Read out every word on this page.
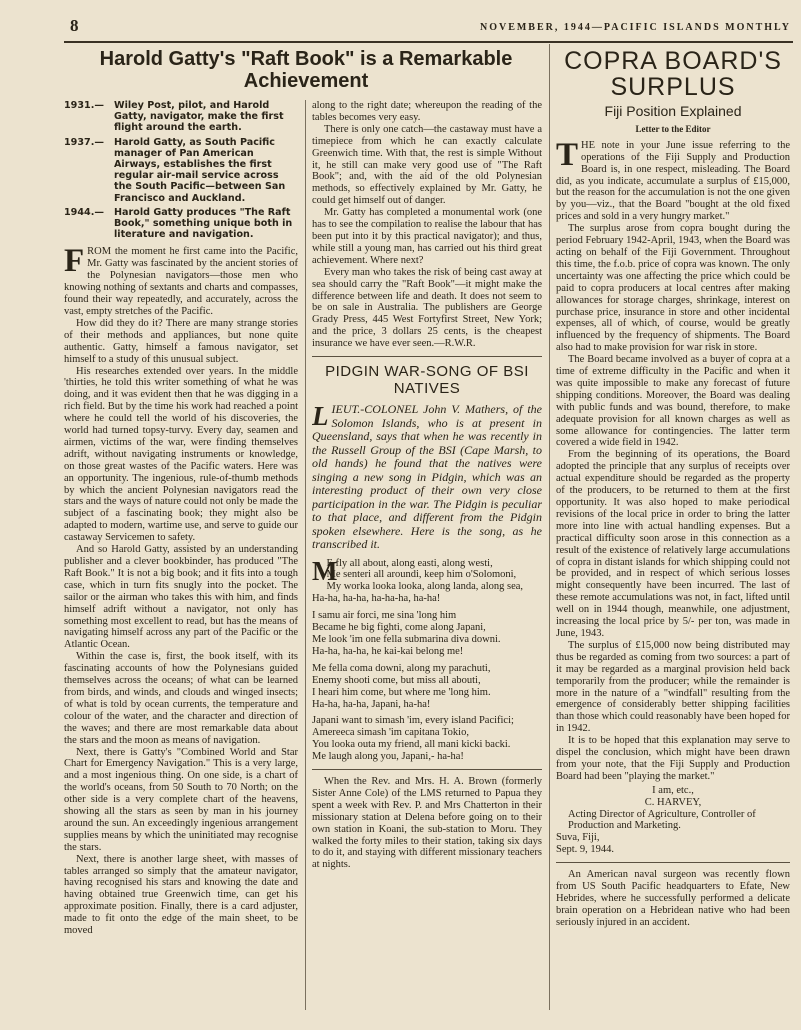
8	NOVEMBER, 1944—PACIFIC ISLANDS MONTHLY
Harold Gatty's "Raft Book" is a Remarkable Achievement
1931.—	Wiley Post, pilot, and Harold Gatty, navigator, make the first flight around the earth.
1937.—	Harold Gatty, as South Pacific manager of Pan American Airways, establishes the first regular air-mail service across the South Pacific—between San Francisco and Auckland.
1944.—	Harold Gatty produces "The Raft Book," something unique both in literature and navigation.
FROM the moment he first came into the Pacific, Mr. Gatty was fascinated by the ancient stories of the Polynesian navigators—those men who knowing nothing of sextants and charts and compasses, found their way repeatedly, and accurately, across the vast, empty stretches of the Pacific.

How did they do it? There are many strange stories of their methods and appliances, but none quite authentic. Gatty, himself a famous navigator, set himself to a study of this unusual subject.

His researches extended over years. In the middle 'thirties, he told this writer something of what he was doing, and it was evident then that he was digging in a rich field. But by the time his work had reached a point where he could tell the world of his discoveries, the world had turned topsy-turvy. Every day, seamen and airmen, victims of the war, were finding themselves adrift, without navigating instruments or knowledge, on those great wastes of the Pacific waters. Here was an opportunity. The ingenious, rule-of-thumb methods by which the ancient Polynesian navigators read the stars and the ways of nature could not only be made the subject of a fascinating book; they might also be adapted to modern, wartime use, and serve to guide our castaway Servicemen to safety.

And so Harold Gatty, assisted by an understanding publisher and a clever bookbinder, has produced "The Raft Book." It is not a big book; and it fits into a tough case, which in turn fits snugly into the pocket. The sailor or the airman who takes this with him, and finds himself adrift without a navigator, not only has something most excellent to read, but has the means of navigating himself across any part of the Pacific or the Atlantic Ocean.

Within the case is, first, the book itself, with its fascinating accounts of how the Polynesians guided themselves across the oceans; of what can be learned from birds, and winds, and clouds and winged insects; of what is told by ocean currents, the temperature and colour of the water, and the character and direction of the waves; and there are most remarkable data about the stars and the moon as means of navigation.

Next, there is Gatty's "Combined World and Star Chart for Emergency Navigation." This is a very large, and a most ingenious thing. On one side, is a chart of the world's oceans, from 50 South to 70 North; on the other side is a very complete chart of the heavens, showing all the stars as seen by man in his journey around the sun. An exceedingly ingenious arrangement supplies means by which the uninitiated may recognise the stars.

Next, there is another large sheet, with masses of tables arranged so simply that the amateur navigator, having recognised his stars and knowing the date and having obtained true Greenwich time, can get his approximate position. Finally, there is a card adjuster, made to fit onto the edge of the main sheet, to be moved

along to the right date; whereupon the reading of the tables becomes very easy.

There is only one catch—the castaway must have a timepiece from which he can exactly calculate Greenwich time. With that, the rest is simple Without it, he still can make very good use of "The Raft Book"; and, with the aid of the old Polynesian methods, so effectively explained by Mr. Gatty, he could get himself out of danger.

Mr. Gatty has completed a monumental work (one has to see the compilation to realise the labour that has been put into it by this practical navigator); and thus, while still a young man, has carried out his third great achievement. Where next?

Every man who takes the risk of being cast away at sea should carry the "Raft Book"—it might make the difference between life and death. It does not seem to be on sale in Australia. The publishers are George Grady Press, 445 West Fortyfirst Street, New York; and the price, 3 dollars 25 cents, is the cheapest insurance we have ever seen.—R.W.R.

PIDGIN WAR-SONG OF BSI NATIVES
LIEUT.-COLONEL John V. Mathers, of the Solomon Islands, who is at present in Queensland, says that when he was recently in the Russell Group of the BSI (Cape Marsh, to old hands) he found that the natives were singing a new song in Pidgin, which was an interesting product of their own very close participation in the war. The Pidgin is peculiar to that place, and different from the Pidgin spoken elsewhere. Here is the song, as he transcribed it.
M

E fly all about, along easti, along westi,

Me senteri all aroundi, keep him o'Solomoni,

My worka looka looka, along landa, along sea,

Ha-ha, ha-ha, ha-ha-ha, ha-ha!

I samu air forci, me sina 'long him

Became he big fighti, come along Japani,

Me look 'im one fella submarina diva downi.

Ha-ha, ha-ha, he kai-kai belong me!

Me fella coma downi, along my parachuti,

Enemy shooti come, but miss all abouti,

I heari him come, but where me 'long him.

Ha-ha, ha-ha, Japani, ha-ha!

Japani want to simash 'im, every island Pacifici;

Amereeca simash 'im capitana Tokio,

You looka outa my friend, all mani kicki backi.

Me laugh along you, Japani,- ha-ha!

When the Rev. and Mrs. H. A. Brown (formerly Sister Anne Cole) of the LMS returned to Papua they spent a week with Rev. P. and Mrs Chatterton in their missionary station at Delena before going on to their own station in Koani, the sub-station to Moru. They walked the forty miles to their station, taking six days to do it, and staying with different missionary teachers at nights.

COPRA BOARD'S
SURPLUS
Fiji Position Explained
Letter to the Editor
THE note in your June issue referring to the operations of the Fiji Supply and Production Board is, in one respect, misleading. The Board did, as you indicate, accumulate a surplus of £15,000, but the reason for the accumulation is not the one given by you—viz., that the Board "bought at the old fixed prices and sold in a very hungry market."

The surplus arose from copra bought during the period February 1942-April, 1943, when the Board was acting on behalf of the Fiji Government. Throughout this time, the f.o.b. price of copra was known. The only uncertainty was one affecting the price which could be paid to copra producers at local centres after making allowances for storage charges, shrinkage, interest on purchase price, insurance in store and other incidental expenses, all of which, of course, would be greatly influenced by the frequency of shipments. The Board also had to make provision for war risk in store.

The Board became involved as a buyer of copra at a time of extreme difficulty in the Pacific and when it was quite impossible to make any forecast of future shipping conditions. Moreover, the Board was dealing with public funds and was bound, therefore, to make adequate provision for all known charges as well as some allowance for contingencies. The latter term covered a wide field in 1942.

From the beginning of its operations, the Board adopted the principle that any surplus of receipts over actual expenditure should be regarded as the property of the producers, to be returned to them at the first opportunity. It was also hoped to make periodical revisions of the local price in order to bring the latter more into line with actual handling expenses. But a practical difficulty soon arose in this connection as a result of the existence of relatively large accumulations of copra in distant islands for which shipping could not be provided, and in respect of which serious losses might consequently have been incurred. The last of these remote accumulations was not, in fact, lifted until well on in 1944 though, meanwhile, one adjustment, increasing the local price by 5/- per ton, was made in June, 1943.

The surplus of £15,000 now being distributed may thus be regarded as coming from two sources: a part of it may be regarded as a marginal provision held back temporarily from the producer; while the remainder is more in the nature of a "windfall" resulting from the emergence of considerably better shipping facilities than those which could reasonably have been hoped for in 1942.

It is to be hoped that this explanation may serve to dispel the conclusion, which might have been drawn from your note, that the Fiji Supply and Production Board had been "playing the market."

I am, etc.,
C. HARVEY,

Acting Director of Agriculture, Controller of Production and Marketing.

Suva, Fiji,

Sept. 9, 1944.

An American naval surgeon was recently flown from US South Pacific headquarters to Efate, New Hebrides, where he successfully performed a delicate brain operation on a Hebridean native who had been seriously injured in an accident.
